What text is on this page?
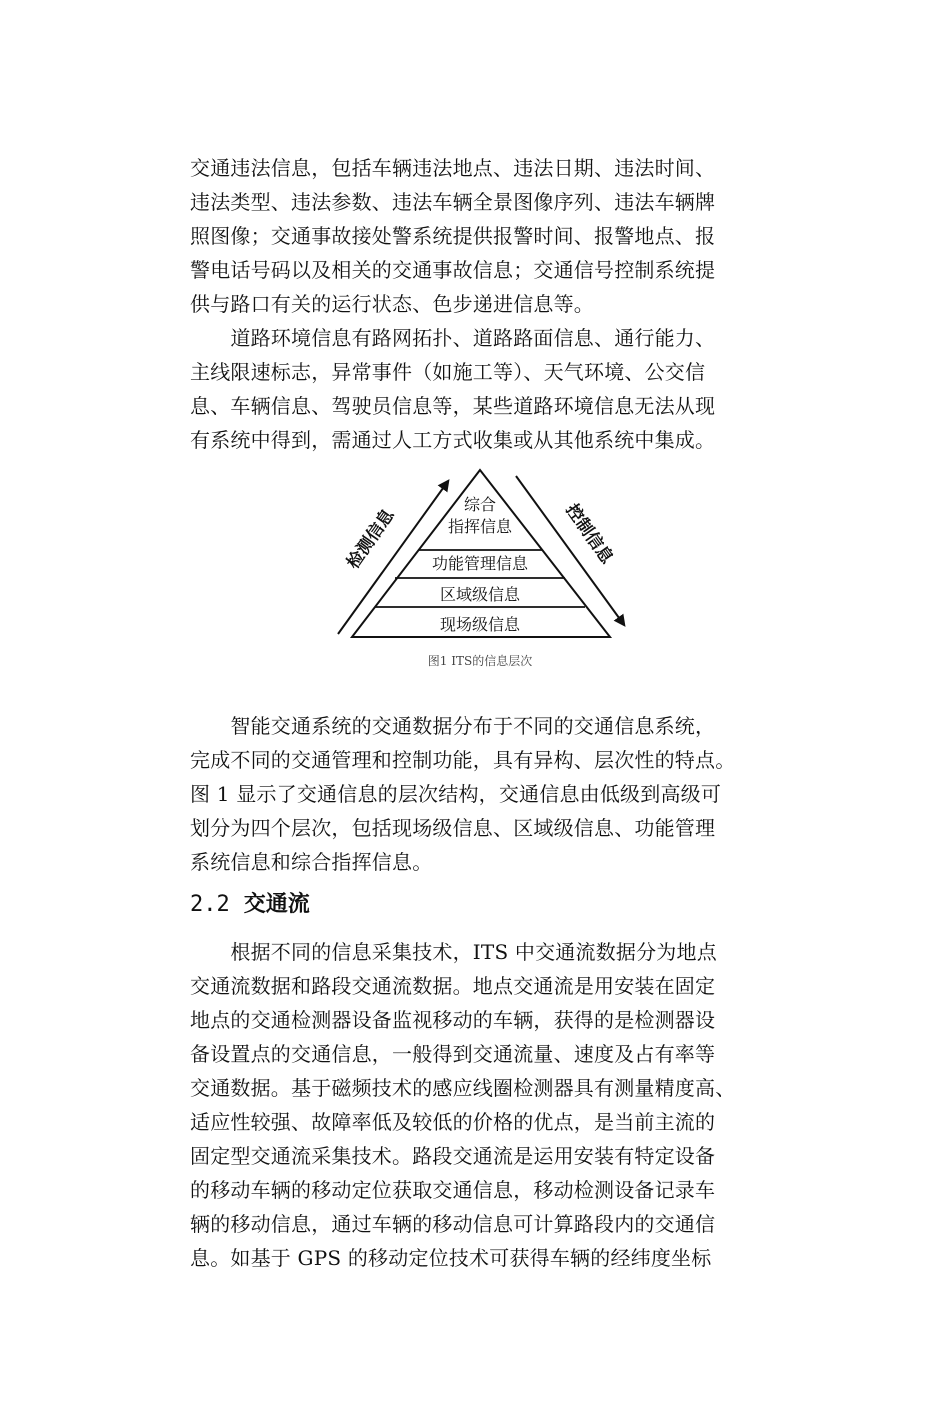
交通违法信息，包括车辆违法地点、违法日期、违法时间、
违法类型、违法参数、违法车辆全景图像序列、违法车辆牌
照图像；交通事故接处警系统提供报警时间、报警地点、报
警电话号码以及相关的交通事故信息；交通信号控制系统提
供与路口有关的运行状态、色步递进信息等。
　　道路环境信息有路网拓扑、道路路面信息、通行能力、
主线限速标志，异常事件（如施工等）、天气环境、公交信
息、车辆信息、驾驶员信息等，某些道路环境信息无法从现
有系统中得到，需通过人工方式收集或从其他系统中集成。
综合
指挥信息
功能管理信息
区域级信息
现场级信息
检测信息	控制信息
图1 ITS的信息层次
　　智能交通系统的交通数据分布于不同的交通信息系统，
完成不同的交通管理和控制功能，具有异构、层次性的特点。
图 1 显示了交通信息的层次结构，交通信息由低级到高级可
划分为四个层次，包括现场级信息、区域级信息、功能管理
系统信息和综合指挥信息。
2.2 交通流
　　根据不同的信息采集技术，ITS 中交通流数据分为地点
交通流数据和路段交通流数据。地点交通流是用安装在固定
地点的交通检测器设备监视移动的车辆，获得的是检测器设
备设置点的交通信息，一般得到交通流量、速度及占有率等
交通数据。基于磁频技术的感应线圈检测器具有测量精度高、
适应性较强、故障率低及较低的价格的优点，是当前主流的
固定型交通流采集技术。路段交通流是运用安装有特定设备
的移动车辆的移动定位获取交通信息，移动检测设备记录车
辆的移动信息，通过车辆的移动信息可计算路段内的交通信
息。如基于 GPS 的移动定位技术可获得车辆的经纬度坐标
